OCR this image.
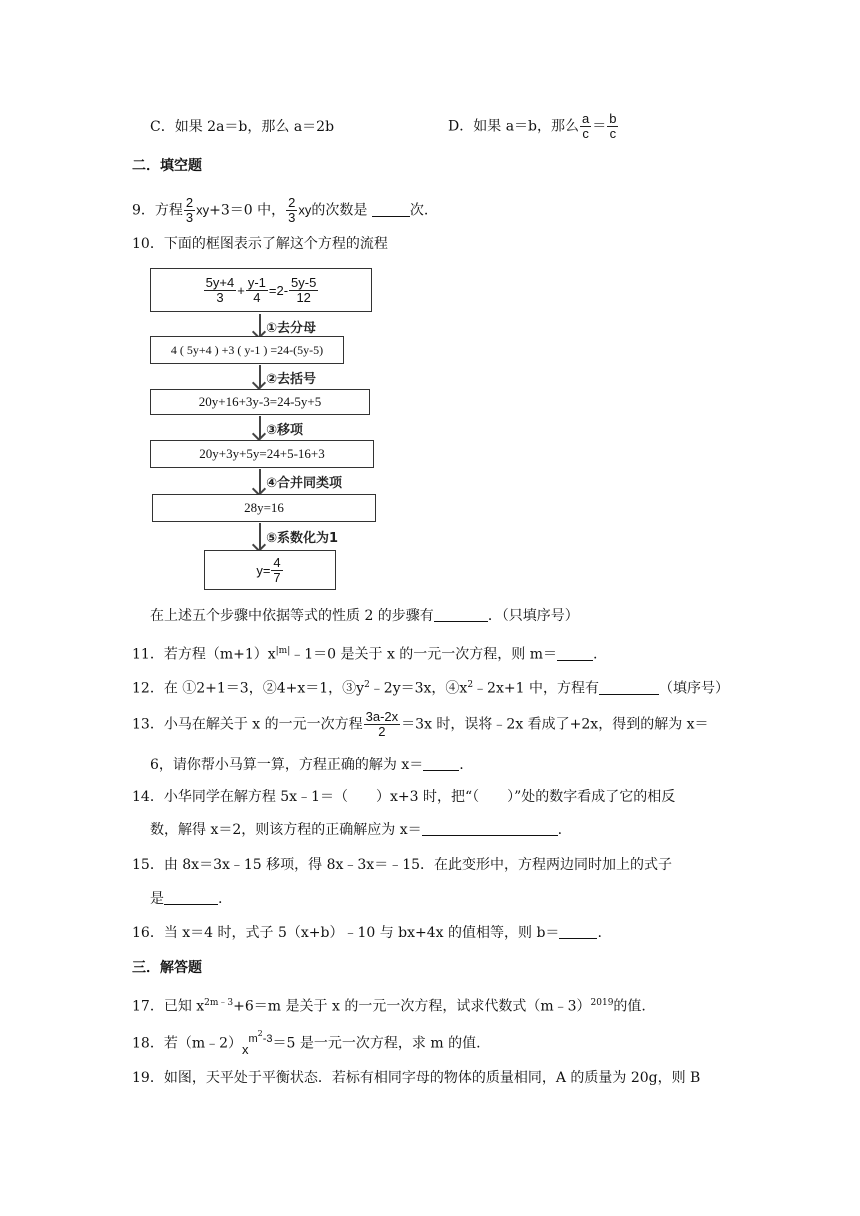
C．如果 2a＝b，那么 a＝2b	D．如果 a＝b，那么 $\frac{a}{c} = \frac{b}{c}$
二．填空题
9．方程 $\frac{2}{3} xy+3=0$ 中， $\frac{2}{3}$ xy的次数是	次.
10．下面的框图表示了解这个方程的流程
$\frac{5y+4}{3} + \frac{y-1}{4} =2- \frac{5y-5}{12}$
①去分母
4 ( 5y+4 ) +3 ( y-1 ) =24-(5y-5)
②去括号
20y+16+3y-3=24-5y+5
③移项
20y+3y+5y=24+5-16+3
④合并同类项
28y=16
⑤系数化为1
$y= \frac{4}{7}$
在上述五个步骤中依据等式的性质 2 的步骤有	．（只填序号）
11．若方程$(m+1)x^{|m|}﹣1=0$ 是关于 x 的一元一次方程，则 m＝	.
12．在 ①2+1＝3，②4+x＝1，$③y^2﹣2y=3x$，$④x^2﹣2x+1$ 中，方程有	（填序号）
13．小马在解关于 x 的一元一次方程 $\frac{3a-2x}{2} =3x$ 时，误将﹣2x 看成了+2x，得到的解为 x＝
6，请你帮小马算一算，方程正确的解为 x＝	.
14．小华同学在解方程 5x﹣1＝（　　）x+3 时，把“（　　）”处的数字看成了它的相反
数，解得 x＝2，则该方程的正确解应为 x＝	.
15．由 8x＝3x﹣15 移项，得 8x﹣3x＝﹣15．在此变形中，方程两边同时加上的式子
是	.
16．当 x＝4 时，式子 5（x+b）﹣10 与 bx+4x 的值相等，则 b＝	.
三．解答题
17．已知 $x^{2m﹣3}+6=m$ 是关于 x 的一元一次方程，试求代数式（m﹣3）$^{2019}$的值.
18．若$(m﹣2)x^{m2-3}=5$ 是一元一次方程，求 m 的值.
19．如图，天平处于平衡状态．若标有相同字母的物体的质量相同，A 的质量为 20g，则 B
